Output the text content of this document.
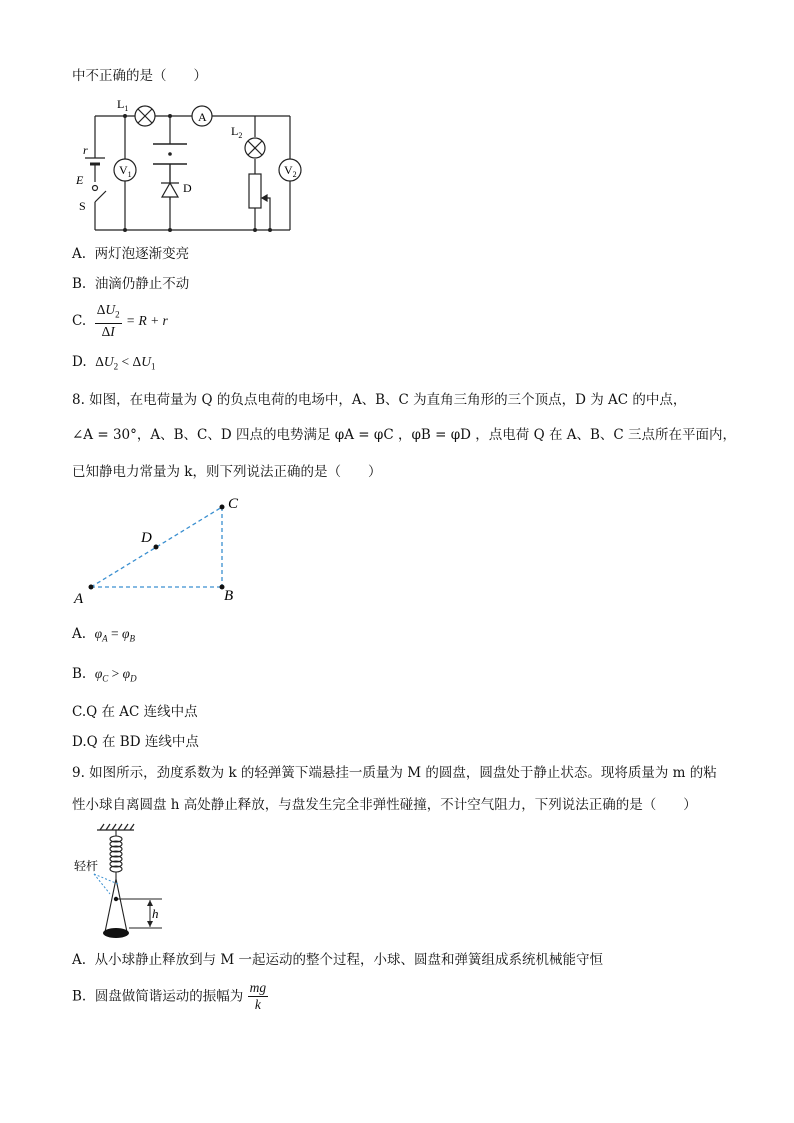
中不正确的是（　　）
$L_1$
A
$L_2$
$V_1$	$V_2$
r
E
S
D
A. 两灯泡逐渐变亮
B. 油滴仍静止不动
C. $\frac{\Delta U_2}{\Delta I} = R + r$
D. $\Delta U_2 < \Delta U_1$
8. 如图，在电荷量为 Q 的负点电荷的电场中，A、B、C 为直角三角形的三个顶点，D 为 AC 的中点，
∠A = 30°，A、B、C、D 四点的电势满足 φA = φC ，φB = φD ，点电荷 Q 在 A、B、C 三点所在平面内，
已知静电力常量为 k，则下列说法正确的是（　　）
A	B
C
D
A. $\varphi_A = \varphi_B$
B. $\varphi_C > \varphi_D$
C.Q 在 AC 连线中点
D.Q 在 BD 连线中点
9. 如图所示，劲度系数为 k 的轻弹簧下端悬挂一质量为 M 的圆盘，圆盘处于静止状态。现将质量为 m 的粘
性小球自离圆盘 h 高处静止释放，与盘发生完全非弹性碰撞，不计空气阻力，下列说法正确的是（　　）
h
轻杆
A. 从小球静止释放到与 M 一起运动的整个过程，小球、圆盘和弹簧组成系统机械能守恒
B. 圆盘做简谐运动的振幅为 $\frac{mg}{k}$
